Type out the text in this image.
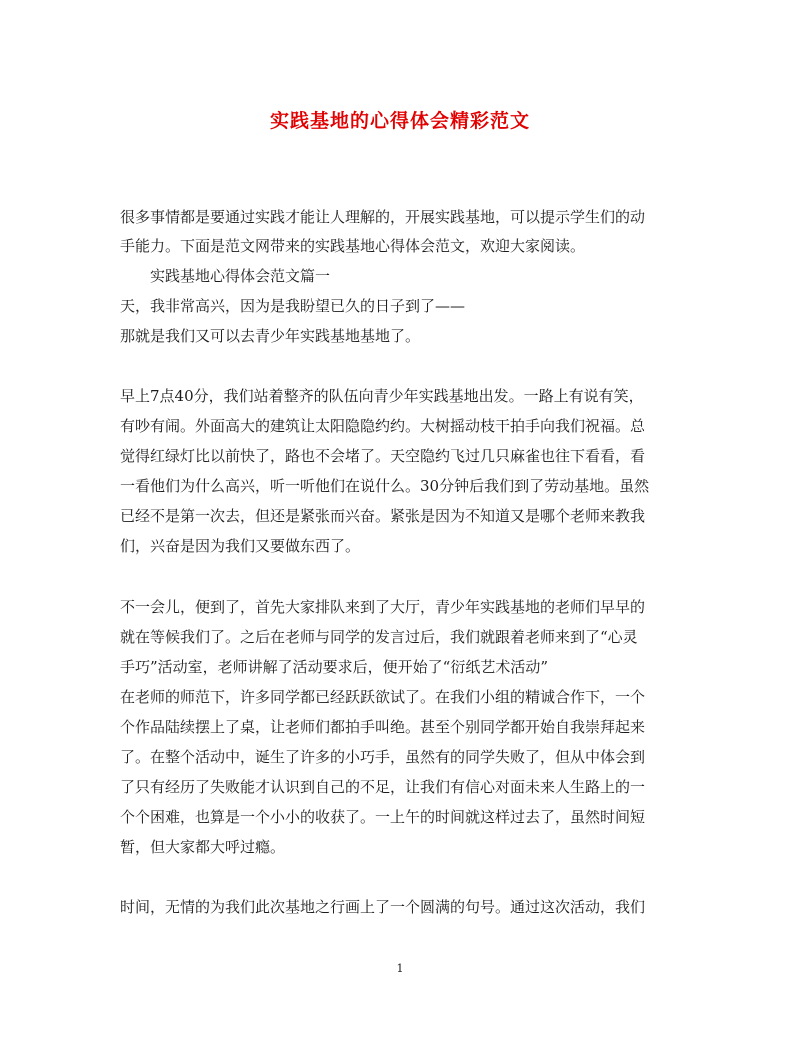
实践基地的心得体会精彩范文
很多事情都是要通过实践才能让人理解的，开展实践基地，可以提示学生们的动
手能力。下面是范文网带来的实践基地心得体会范文，欢迎大家阅读。
实践基地心得体会范文篇一
天，我非常高兴，因为是我盼望已久的日子到了——
那就是我们又可以去青少年实践基地基地了。
早上7点40分，我们站着整齐的队伍向青少年实践基地出发。一路上有说有笑，
有吵有闹。外面高大的建筑让太阳隐隐约约。大树摇动枝干拍手向我们祝福。总
觉得红绿灯比以前快了，路也不会堵了。天空隐约飞过几只麻雀也往下看看，看
一看他们为什么高兴，听一听他们在说什么。30分钟后我们到了劳动基地。虽然
已经不是第一次去，但还是紧张而兴奋。紧张是因为不知道又是哪个老师来教我
们，兴奋是因为我们又要做东西了。
不一会儿，便到了，首先大家排队来到了大厅，青少年实践基地的老师们早早的
就在等候我们了。之后在老师与同学的发言过后，我们就跟着老师来到了“心灵
手巧”活动室，老师讲解了活动要求后，便开始了“衍纸艺术活动”
在老师的师范下，许多同学都已经跃跃欲试了。在我们小组的精诚合作下，一个
个作品陆续摆上了桌，让老师们都拍手叫绝。甚至个别同学都开始自我崇拜起来
了。在整个活动中，诞生了许多的小巧手，虽然有的同学失败了，但从中体会到
了只有经历了失败能才认识到自己的不足，让我们有信心对面未来人生路上的一
个个困难，也算是一个小小的收获了。一上午的时间就这样过去了，虽然时间短
暂，但大家都大呼过瘾。
时间，无情的为我们此次基地之行画上了一个圆满的句号。通过这次活动，我们
1
